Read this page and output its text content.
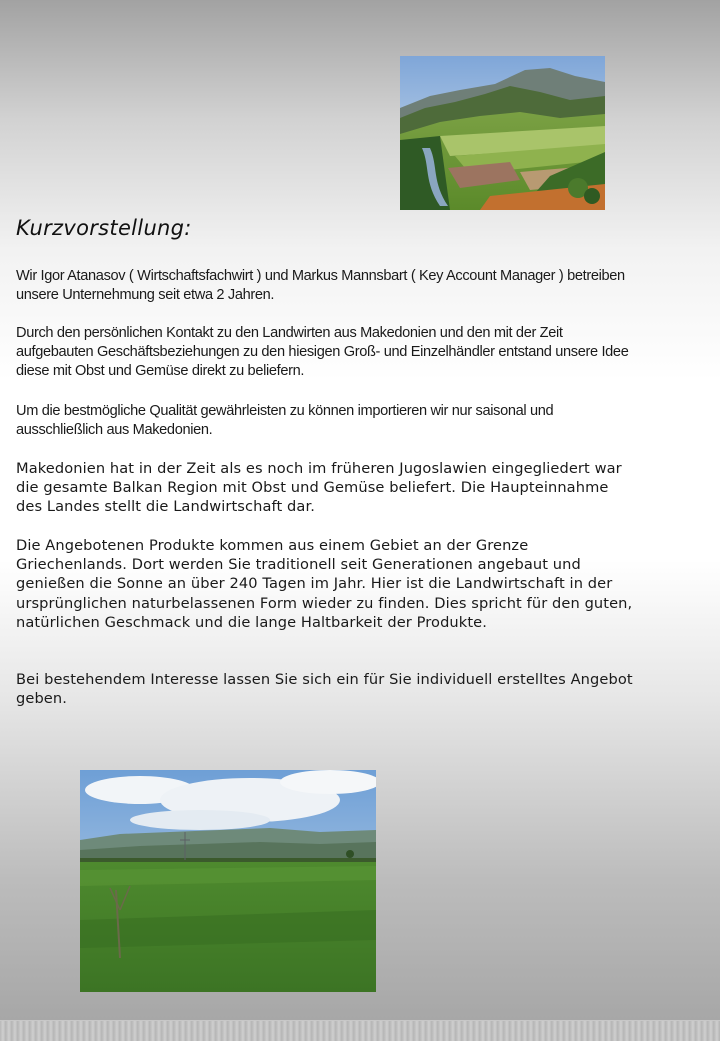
Kurzvorstellung:

Wir Igor Atanasov ( Wirtschaftsfachwirt ) und Markus Mannsbart ( Key Account Manager ) betreiben unsere Unternehmung seit etwa 2 Jahren.

Durch den persönlichen Kontakt zu den Landwirten aus Makedonien und den mit der Zeit aufgebauten Geschäftsbeziehungen zu den hiesigen Groß- und Einzelhändler entstand unsere Idee diese mit Obst und Gemüse direkt zu beliefern.

Um die bestmögliche Qualität gewährleisten zu können importieren wir nur saisonal und ausschließlich aus Makedonien.

Makedonien hat in der Zeit als es noch im früheren Jugoslawien eingegliedert war die gesamte Balkan Region mit Obst und Gemüse beliefert. Die Haupteinnahme des Landes stellt die Landwirtschaft dar.

Die Angebotenen Produkte kommen aus einem Gebiet an der Grenze Griechenlands. Dort werden Sie traditionell seit Generationen angebaut und genießen die Sonne an über 240 Tagen im Jahr. Hier ist die Landwirtschaft in der ursprünglichen naturbelassenen Form wieder zu finden. Dies spricht für den guten, natürlichen Geschmack und die lange Haltbarkeit der Produkte.

Bei bestehendem Interesse lassen Sie sich ein für Sie individuell erstelltes Angebot geben.
